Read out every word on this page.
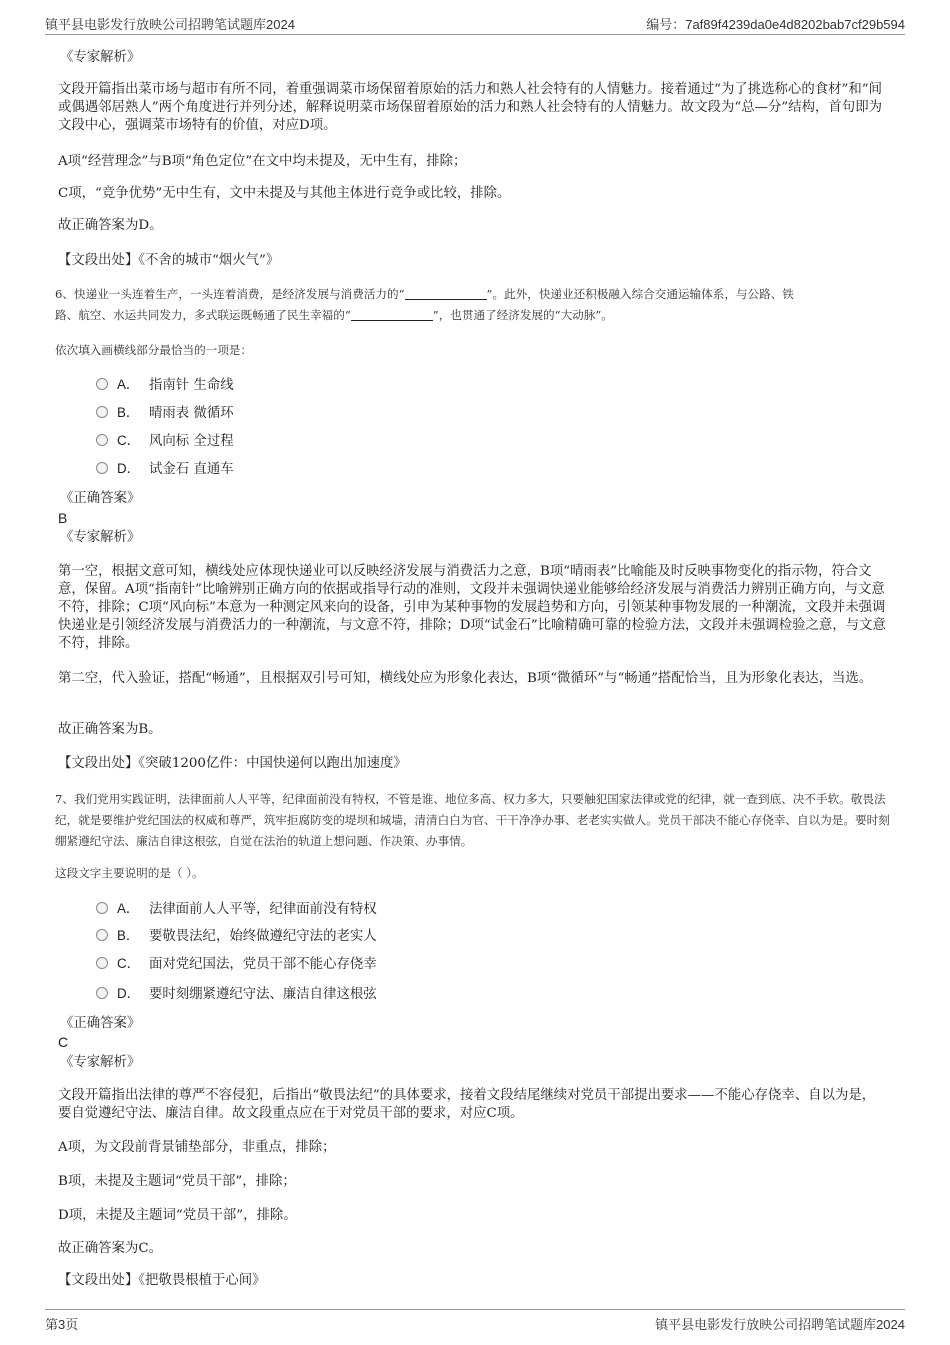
镇平县电影发行放映公司招聘笔试题库2024	编号：7af89f4239da0e4d8202bab7cf29b594
《专家解析》
文段开篇指出菜市场与超市有所不同，着重强调菜市场保留着原始的活力和熟人社会特有的人情魅力。接着通过“为了挑选称心的食材”和“间或偶遇邻居熟人”两个角度进行并列分述，解释说明菜市场保留着原始的活力和熟人社会特有的人情魅力。故文段为“总—分”结构，首句即为文段中心，强调菜市场特有的价值，对应D项。
A项“经营理念”与B项“角色定位”在文中均未提及，无中生有，排除；
C项，“竞争优势”无中生有，文中未提及与其他主体进行竞争或比较，排除。
故正确答案为D。
【文段出处】《不舍的城市“烟火气”》
6、快递业一头连着生产，一头连着消费，是经济发展与消费活力的“	”。此外，快递业还积极融入综合交通运输体系，与公路、铁
路、航空、水运共同发力，多式联运既畅通了民生幸福的“	”，也贯通了经济发展的“大动脉”。
依次填入画横线部分最恰当的一项是：
A． 指南针 生命线
B． 晴雨表 微循环
C． 风向标 全过程
D． 试金石 直通车
《正确答案》
B
《专家解析》
第一空，根据文意可知，横线处应体现快递业可以反映经济发展与消费活力之意，B项“晴雨表”比喻能及时反映事物变化的指示物，符合文意，保留。A项“指南针”比喻辨别正确方向的依据或指导行动的准则，文段并未强调快递业能够给经济发展与消费活力辨别正确方向，与文意不符，排除；C项“风向标”本意为一种测定风来向的设备，引申为某种事物的发展趋势和方向，引领某种事物发展的一种潮流，文段并未强调快递业是引领经济发展与消费活力的一种潮流，与文意不符，排除；D项“试金石”比喻精确可靠的检验方法，文段并未强调检验之意，与文意不符，排除。
第二空，代入验证，搭配“畅通”，且根据双引号可知，横线处应为形象化表达，B项“微循环”与“畅通”搭配恰当，且为形象化表达，当选。
故正确答案为B。
【文段出处】《突破1200亿件：中国快递何以跑出加速度》
7、我们党用实践证明，法律面前人人平等，纪律面前没有特权，不管是谁、地位多高、权力多大，只要触犯国家法律或党的纪律，就一查到底、决不手软。敬畏法纪，就是要维护党纪国法的权威和尊严，筑牢拒腐防变的堤坝和城墙，清清白白为官、干干净净办事、老老实实做人。党员干部决不能心存侥幸、自以为是。要时刻绷紧遵纪守法、廉洁自律这根弦，自觉在法治的轨道上想问题、作决策、办事情。
这段文字主要说明的是（ ）。
A． 法律面前人人平等，纪律面前没有特权
B． 要敬畏法纪，始终做遵纪守法的老实人
C． 面对党纪国法，党员干部不能心存侥幸
D． 要时刻绷紧遵纪守法、廉洁自律这根弦
《正确答案》
C
《专家解析》
文段开篇指出法律的尊严不容侵犯，后指出“敬畏法纪”的具体要求，接着文段结尾继续对党员干部提出要求——不能心存侥幸、自以为是，要自觉遵纪守法、廉洁自律。故文段重点应在于对党员干部的要求，对应C项。
A项，为文段前背景铺垫部分，非重点，排除；
B项，未提及主题词“党员干部”，排除；
D项，未提及主题词“党员干部”，排除。
故正确答案为C。
【文段出处】《把敬畏根植于心间》
第3页	镇平县电影发行放映公司招聘笔试题库2024
